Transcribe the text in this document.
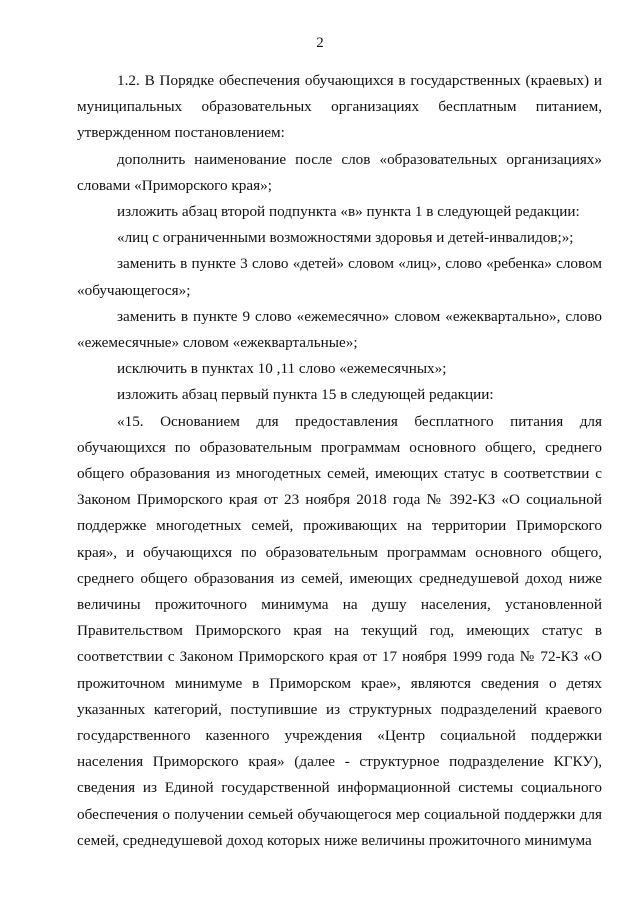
2

1.2. В Порядке обеспечения обучающихся в государственных (краевых) и муниципальных образовательных организациях бесплатным питанием, утвержденном постановлением:

дополнить наименование после слов «образовательных организациях» словами «Приморского края»;

изложить абзац второй подпункта «в» пункта 1 в следующей редакции:

«лиц с ограниченными возможностями здоровья и детей-инвалидов;»;

заменить в пункте 3 слово «детей» словом «лиц», слово «ребенка» словом «обучающегося»;

заменить в пункте 9 слово «ежемесячно» словом «ежеквартально», слово «ежемесячные» словом «ежеквартальные»;

исключить в пунктах 10 ,11 слово «ежемесячных»;

изложить абзац первый пункта 15 в следующей редакции:

«15. Основанием для предоставления бесплатного питания для обучающихся по образовательным программам основного общего, среднего общего образования из многодетных семей, имеющих статус в соответствии с Законом Приморского края от 23 ноября 2018 года № 392-КЗ «О социальной поддержке многодетных семей, проживающих на территории Приморского края», и обучающихся по образовательным программам основного общего, среднего общего образования из семей, имеющих среднедушевой доход ниже величины прожиточного минимума на душу населения, установленной Правительством Приморского края на текущий год, имеющих статус в соответствии с Законом Приморского края от 17 ноября 1999 года № 72-КЗ «О прожиточном минимуме в Приморском крае», являются сведения о детях указанных категорий, поступившие из структурных подразделений краевого государственного казенного учреждения «Центр социальной поддержки населения Приморского края» (далее - структурное подразделение КГКУ), сведения из Единой государственной информационной системы социального обеспечения о получении семьей обучающегося мер социальной поддержки для семей, среднедушевой доход которых ниже величины прожиточного минимума
